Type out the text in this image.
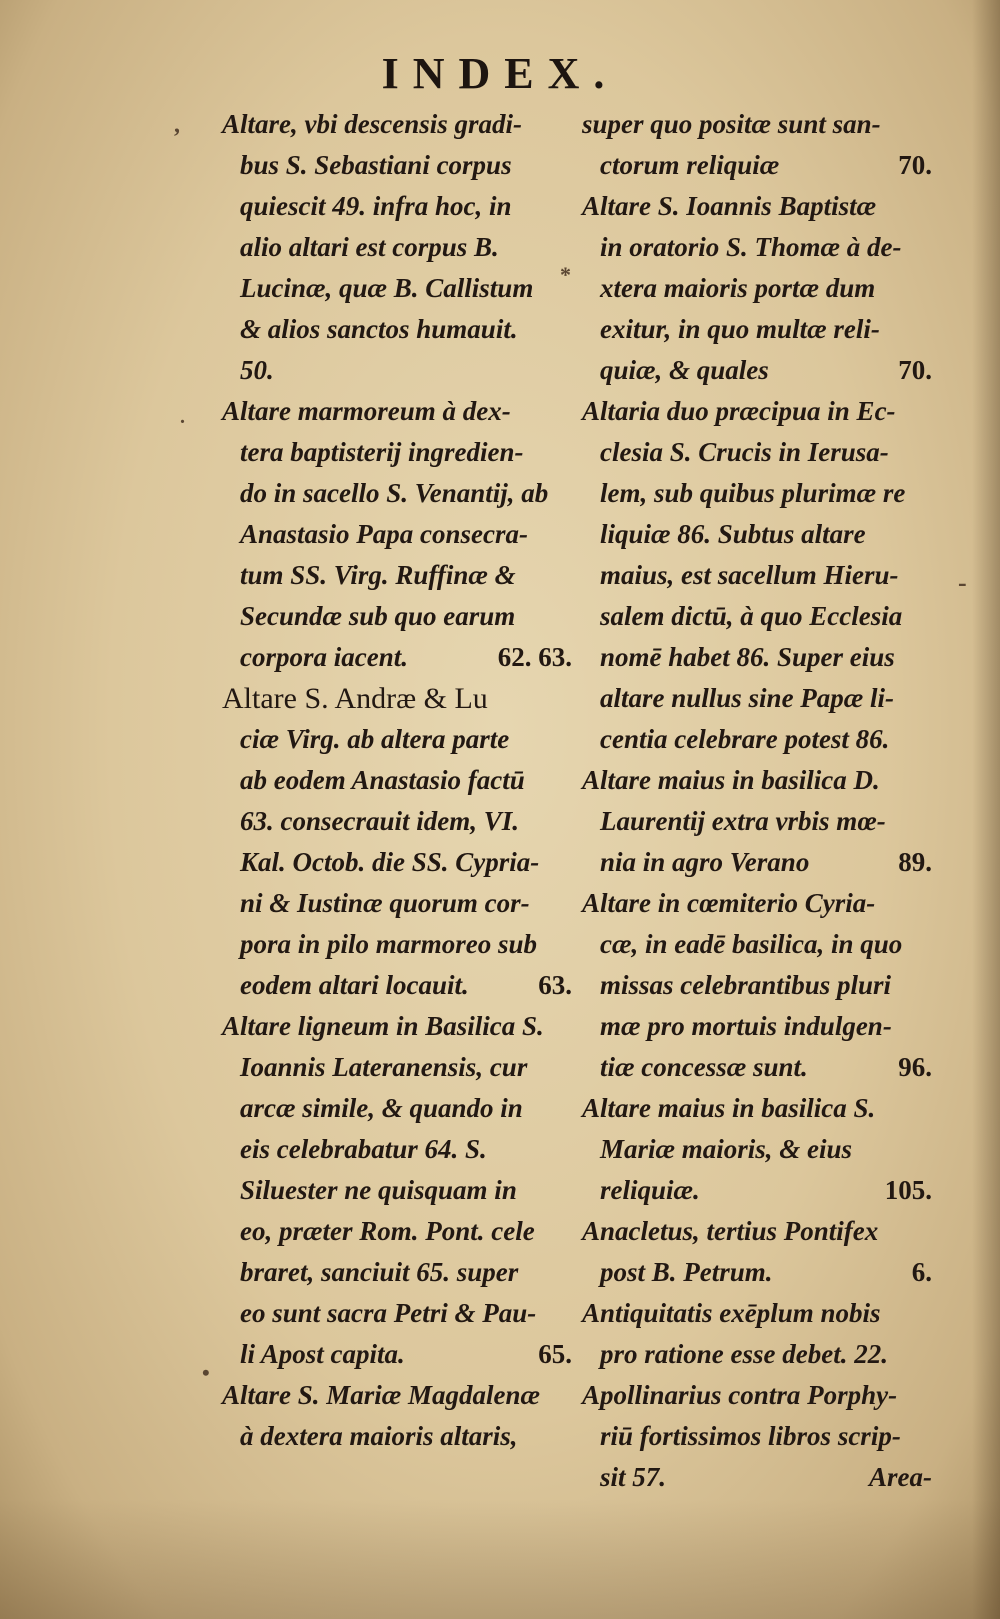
INDEX.
,
.
*
-
•
Altare, vbi descensis gradi-
bus S. Sebastiani corpus
quiescit 49. infra hoc, in
alio altari est corpus B.
Lucinæ, quæ B. Callistum
& alios sanctos humauit.
50.
Altare marmoreum à dex-
tera baptisterij ingredien-
do in sacello S. Venantij, ab
Anastasio Papa consecra-
tum SS. Virg. Ruffinæ &
Secundæ sub quo earum
corpora iacent.	62. 63.
Altare S. Andræ & Lu
ciæ Virg. ab altera parte
ab eodem Anastasio factū
63. consecrauit idem, VI.
Kal. Octob. die SS. Cypria-
ni & Iustinæ quorum cor-
pora in pilo marmoreo sub
eodem altari locauit.	63.
Altare ligneum in Basilica S.
Ioannis Lateranensis, cur
arcæ simile, & quando in
eis celebrabatur 64. S.
Siluester ne quisquam in
eo, præter Rom. Pont. cele
braret, sanciuit 65. super
eo sunt sacra Petri & Pau-
li Apost capita.	65.
Altare S. Mariæ Magdalenæ
à dextera maioris altaris,
super quo positæ sunt san-
ctorum reliquiæ	70.
Altare S. Ioannis Baptistæ
in oratorio S. Thomæ à de-
xtera maioris portæ dum
exitur, in quo multæ reli-
quiæ, & quales	70.
Altaria duo præcipua in Ec-
clesia S. Crucis in Ierusa-
lem, sub quibus plurimæ re
liquiæ 86. Subtus altare
maius, est sacellum Hieru-
salem dictū, à quo Ecclesia
nomē habet 86. Super eius
altare nullus sine Papæ li-
centia celebrare potest 86.
Altare maius in basilica D.
Laurentij extra vrbis mœ-
nia in agro Verano	89.
Altare in cœmiterio Cyria-
cæ, in eadē basilica, in quo
missas celebrantibus pluri
mæ pro mortuis indulgen-
tiæ concessæ sunt.	96.
Altare maius in basilica S.
Mariæ maioris, & eius
reliquiæ.	105.
Anacletus, tertius Pontifex
post B. Petrum.	6.
Antiquitatis exēplum nobis
pro ratione esse debet. 22.
Apollinarius contra Porphy-
riū fortissimos libros scrip-
sit 57.	Area-
